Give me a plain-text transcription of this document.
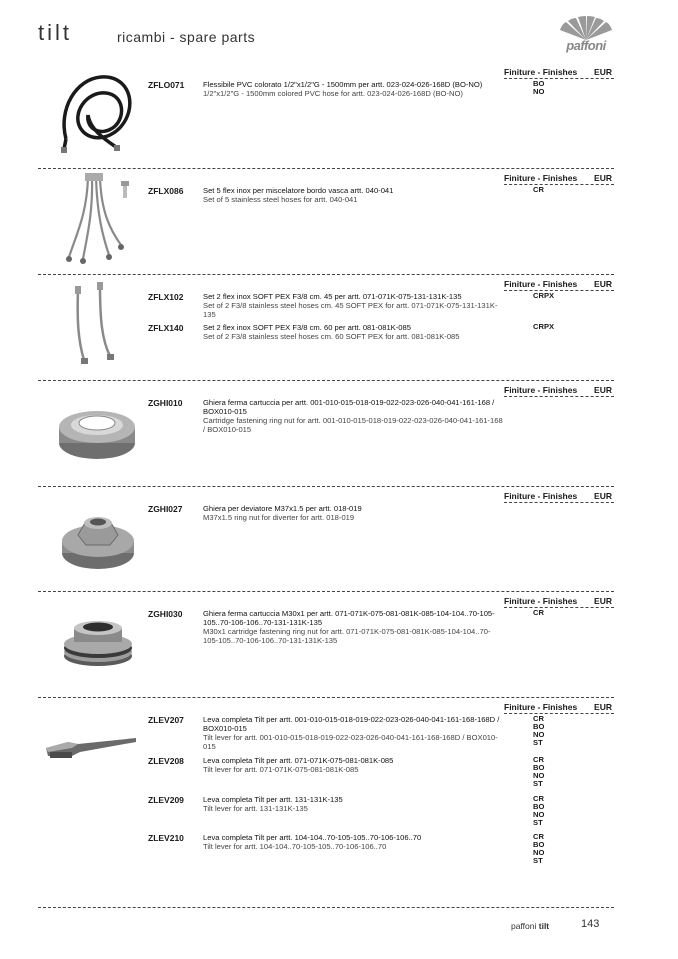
tilt	ricambi - spare parts
paffoni
Finiture - Finishes EUR
ZFLO071 Flessibile PVC colorato 1/2"x1/2"G - 1500mm per artt. 023-024-026-168D (BO-NO)
1/2"x1/2"G - 1500mm colored PVC hose for artt. 023-024-026-168D (BO-NO)
BO
NO
Finiture - Finishes EUR
ZFLX086	Set 5 flex inox per miscelatore bordo vasca artt. 040-041
Set of 5 stainless steel hoses for artt. 040-041
CR
Finiture - Finishes EUR
ZFLX102	Set 2 flex inox SOFT PEX F3/8 cm. 45 per artt. 071-071K-075-131-131K-135
Set of 2 F3/8 stainless steel hoses cm. 45 SOFT PEX for artt. 071-071K-075-131-131K-135
CRPX
ZFLX140	Set 2 flex inox SOFT PEX F3/8 cm. 60 per artt. 081-081K-085
Set of 2 F3/8 stainless steel hoses cm. 60 SOFT PEX for artt. 081-081K-085
CRPX
Finiture - Finishes EUR
ZGHI010	Ghiera ferma cartuccia per artt. 001-010-015-018-019-022-023-026-040-041-161-168 / BOX010-015
Cartridge fastening ring nut for artt. 001-010-015-018-019-022-023-026-040-041-161-168 / BOX010-015
Finiture - Finishes EUR
ZGHI027	Ghiera per deviatore M37x1.5 per artt. 018-019
M37x1.5 ring nut for diverter for artt. 018-019
Finiture - Finishes EUR
ZGHI030	Ghiera ferma cartuccia M30x1 per artt. 071-071K-075-081-081K-085-104-104..70-105-105..70-106-106..70-131-131K-135
M30x1 cartridge fastening ring nut for artt. 071-071K-075-081-081K-085-104-104..70-105-105..70-106-106..70-131-131K-135
CR
Finiture - Finishes EUR
ZLEV207	Leva completa Tilt per artt. 001-010-015-018-019-022-023-026-040-041-161-168-168D / BOX010-015
Tilt lever for artt. 001-010-015-018-019-022-023-026-040-041-161-168-168D / BOX010-015
CR
BO
NO
ST
ZLEV208	Leva completa Tilt per artt. 071-071K-075-081-081K-085
Tilt lever for artt. 071-071K-075-081-081K-085
CR
BO
NO
ST
ZLEV209	Leva completa Tilt per artt. 131-131K-135
Tilt lever for artt. 131-131K-135
CR
BO
NO
ST
ZLEV210	Leva completa Tilt per artt. 104-104..70-105-105..70-106-106..70
Tilt lever for artt. 104-104..70-105-105..70-106-106..70
CR
BO
NO
ST
paffoni tilt	143
